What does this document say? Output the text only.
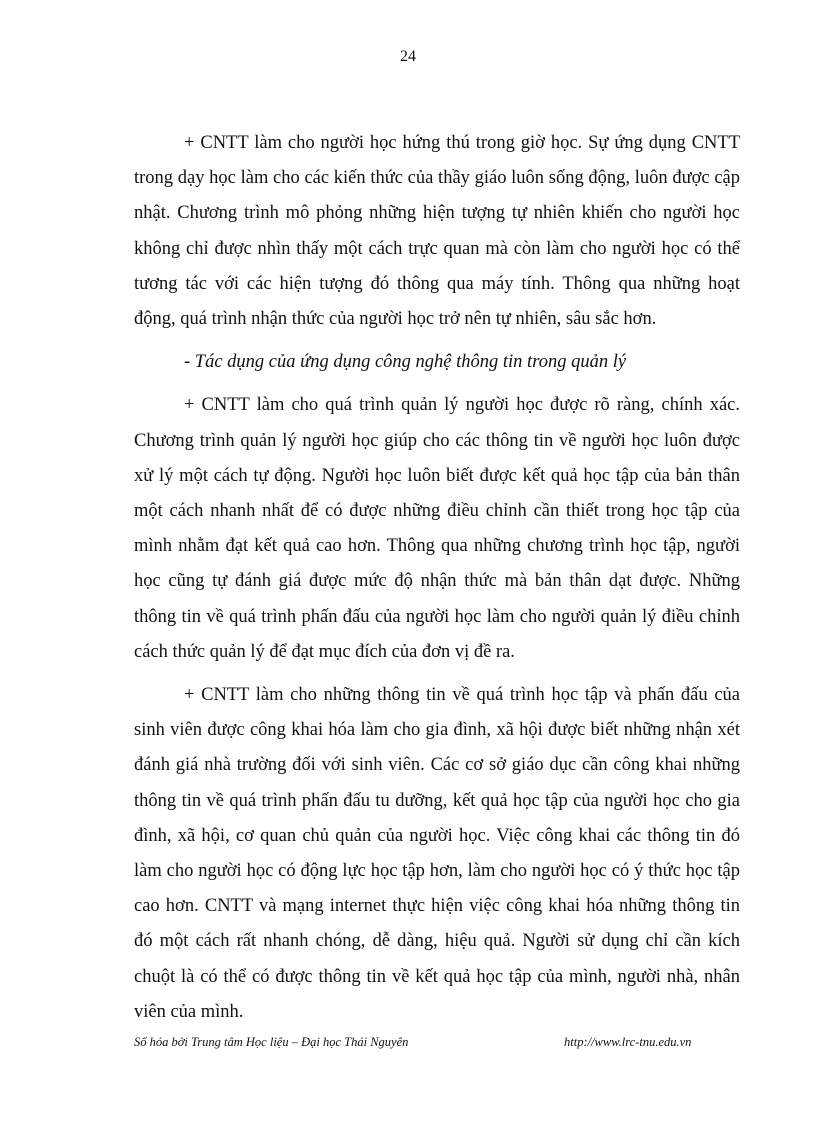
24

+ CNTT làm cho người học hứng thú trong giờ học. Sự ứng dụng CNTT trong dạy học làm cho các kiến thức của thầy giáo luôn sống động, luôn được cập nhật. Chương trình mô phỏng những hiện tượng tự nhiên khiến cho người học không chỉ được nhìn thấy một cách trực quan mà còn làm cho người học có thể tương tác với các hiện tượng đó thông qua máy tính. Thông qua những hoạt động, quá trình nhận thức của người học trở nên tự nhiên, sâu sắc hơn.

- Tác dụng của ứng dụng công nghệ thông tin trong quản lý

+ CNTT làm cho quá trình quản lý người học được rõ ràng, chính xác. Chương trình quản lý người học giúp cho các thông tin về người học luôn được xử lý một cách tự động. Người học luôn biết được kết quả học tập của bản thân một cách nhanh nhất để có được những điều chỉnh cần thiết trong học tập của mình nhằm đạt kết quả cao hơn. Thông qua những chương trình học tập, người học cũng tự đánh giá được mức độ nhận thức mà bản thân dạt được. Những thông tin về quá trình phấn đấu của người học làm cho người quản lý điều chỉnh cách thức quản lý để đạt mục đích của đơn vị đề ra.

+ CNTT làm cho những thông tin về quá trình học tập và phấn đấu của sinh viên được công khai hóa làm cho gia đình, xã hội được biết những nhận xét đánh giá nhà trường đối với sinh viên. Các cơ sở giáo dục cần công khai những thông tin về quá trình phấn đấu tu dưỡng, kết quả học tập của người học cho gia đình, xã hội, cơ quan chủ quản của người học. Việc công khai các thông tin đó làm cho người học có động lực học tập hơn, làm cho người học có ý thức học tập cao hơn. CNTT và mạng internet thực hiện việc công khai hóa những thông tin đó một cách rất nhanh chóng, dễ dàng, hiệu quả. Người sử dụng chỉ cần kích chuột là có thể có được thông tin về kết quả học tập của mình, người nhà, nhân viên của mình.

Số hóa bởi Trung tâm Học liệu – Đại học Thái Nguyên	http://www.lrc-tnu.edu.vn
